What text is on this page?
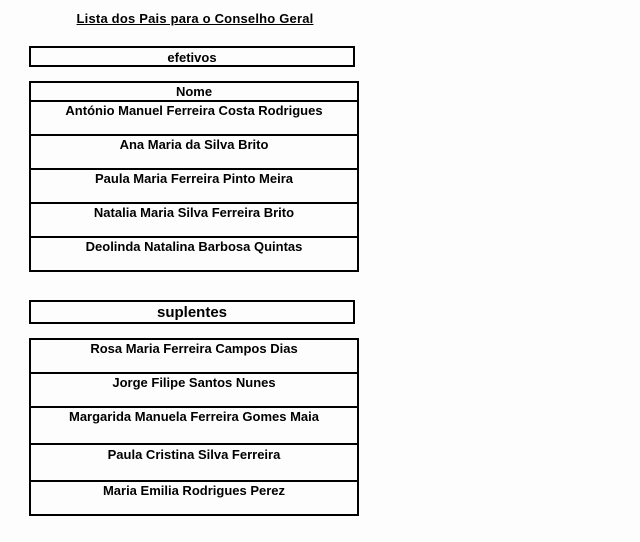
Lista dos Pais para o Conselho Geral
efetivos
Nome
António Manuel Ferreira Costa Rodrigues
Ana Maria da Silva Brito
Paula Maria Ferreira Pinto Meira
Natalia Maria Silva Ferreira Brito
Deolinda Natalina Barbosa Quintas
suplentes
Rosa Maria Ferreira Campos Dias
Jorge Filipe Santos Nunes
Margarida Manuela Ferreira Gomes Maia
Paula Cristina Silva Ferreira
Maria Emilia Rodrigues Perez
